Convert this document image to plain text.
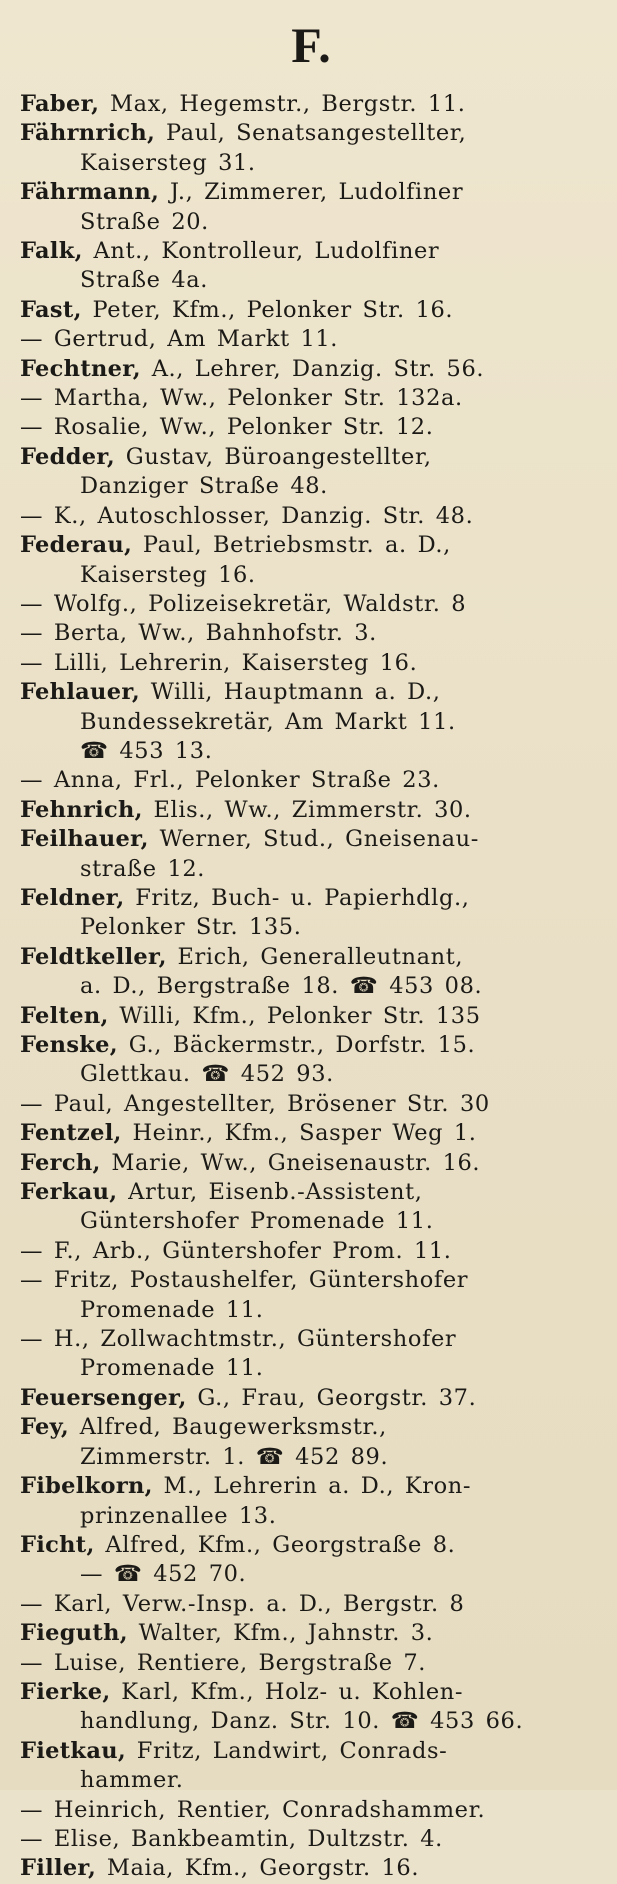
F.
Faber, Max, Hegemstr., Bergstr. 11.
Fährnrich, Paul, Senatsangestellter,
Kaisersteg 31.
Fährmann, J., Zimmerer, Ludolfiner
Straße 20.
Falk, Ant., Kontrolleur, Ludolfiner
Straße 4a.
Fast, Peter, Kfm., Pelonker Str. 16.
— Gertrud, Am Markt 11.
Fechtner, A., Lehrer, Danzig. Str. 56.
— Martha, Ww., Pelonker Str. 132a.
— Rosalie, Ww., Pelonker Str. 12.
Fedder, Gustav, Büroangestellter,
Danziger Straße 48.
— K., Autoschlosser, Danzig. Str. 48.
Federau, Paul, Betriebsmstr. a. D.,
Kaisersteg 16.
— Wolfg., Polizeisekretär, Waldstr. 8
— Berta, Ww., Bahnhofstr. 3.
— Lilli, Lehrerin, Kaisersteg 16.
Fehlauer, Willi, Hauptmann a. D.,
Bundessekretär, Am Markt 11.
☎ 453 13.
— Anna, Frl., Pelonker Straße 23.
Fehnrich, Elis., Ww., Zimmerstr. 30.
Feilhauer, Werner, Stud., Gneisenau-
straße 12.
Feldner, Fritz, Buch- u. Papierhdlg.,
Pelonker Str. 135.
Feldtkeller, Erich, Generalleutnant,
a. D., Bergstraße 18. ☎ 453 08.
Felten, Willi, Kfm., Pelonker Str. 135
Fenske, G., Bäckermstr., Dorfstr. 15.
Glettkau. ☎ 452 93.
— Paul, Angestellter, Brösener Str. 30
Fentzel, Heinr., Kfm., Sasper Weg 1.
Ferch, Marie, Ww., Gneisenaustr. 16.
Ferkau, Artur, Eisenb.-Assistent,
Güntershofer Promenade 11.
— F., Arb., Güntershofer Prom. 11.
— Fritz, Postaushelfer, Güntershofer
Promenade 11.
— H., Zollwachtmstr., Güntershofer
Promenade 11.
Feuersenger, G., Frau, Georgstr. 37.
Fey, Alfred, Baugewerksmstr.,
Zimmerstr. 1. ☎ 452 89.
Fibelkorn, M., Lehrerin a. D., Kron-
prinzenallee 13.
Ficht, Alfred, Kfm., Georgstraße 8.
— ☎ 452 70.
— Karl, Verw.-Insp. a. D., Bergstr. 8
Fieguth, Walter, Kfm., Jahnstr. 3.
— Luise, Rentiere, Bergstraße 7.
Fierke, Karl, Kfm., Holz- u. Kohlen-
handlung, Danz. Str. 10. ☎ 453 66.
Fietkau, Fritz, Landwirt, Conrads-
hammer.
— Heinrich, Rentier, Conradshammer.
— Elise, Bankbeamtin, Dultzstr. 4.
Filler, Maia, Kfm., Georgstr. 16.
